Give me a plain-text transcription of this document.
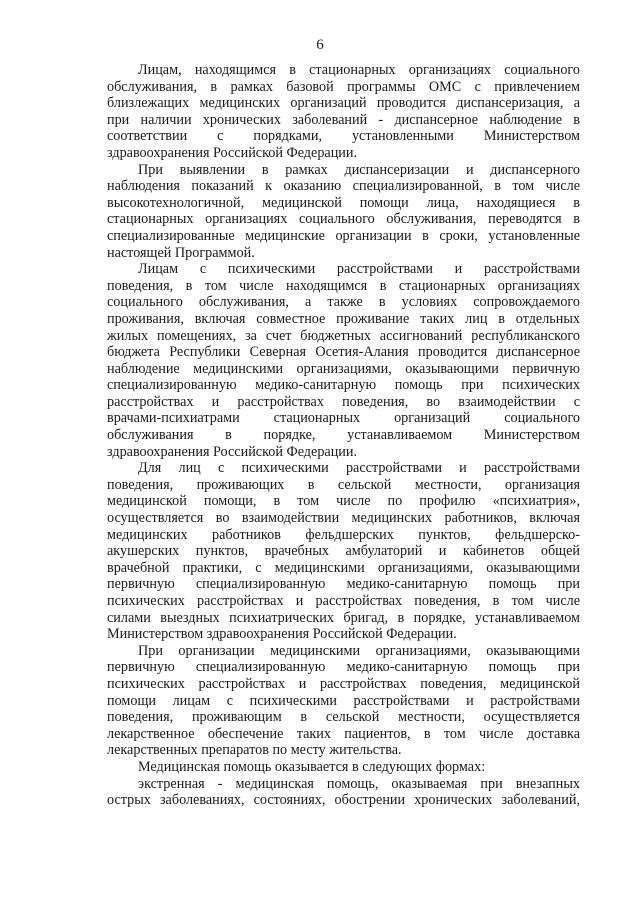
6
Лицам, находящимся в стационарных организациях социального
обслуживания, в рамках базовой программы ОМС с привлечением
близлежащих медицинских организаций проводится диспансеризация, а
при наличии хронических заболеваний - диспансерное наблюдение в
соответствии с порядками, установленными Министерством
здравоохранения Российской Федерации.
При выявлении в рамках диспансеризации и диспансерного
наблюдения показаний к оказанию специализированной, в том числе
высокотехнологичной, медицинской помощи лица, находящиеся в
стационарных организациях социального обслуживания, переводятся в
специализированные медицинские организации в сроки, установленные
настоящей Программой.
Лицам с психическими расстройствами и расстройствами
поведения, в том числе находящимся в стационарных организациях
социального обслуживания, а также в условиях сопровождаемого
проживания, включая совместное проживание таких лиц в отдельных
жилых помещениях, за счет бюджетных ассигнований республиканского
бюджета Республики Северная Осетия-Алания проводится диспансерное
наблюдение медицинскими организациями, оказывающими первичную
специализированную медико-санитарную помощь при психических
расстройствах и расстройствах поведения, во взаимодействии с
врачами-психиатрами стационарных организаций социального
обслуживания в порядке, устанавливаемом Министерством
здравоохранения Российской Федерации.
Для лиц с психическими расстройствами и расстройствами
поведения, проживающих в сельской местности, организация
медицинской помощи, в том числе по профилю «психиатрия»,
осуществляется во взаимодействии медицинских работников, включая
медицинских работников фельдшерских пунктов, фельдшерско-
акушерских пунктов, врачебных амбулаторий и кабинетов общей
врачебной практики, с медицинскими организациями, оказывающими
первичную специализированную медико-санитарную помощь при
психических расстройствах и расстройствах поведения, в том числе
силами выездных психиатрических бригад, в порядке, устанавливаемом
Министерством здравоохранения Российской Федерации.
При организации медицинскими организациями, оказывающими
первичную специализированную медико-санитарную помощь при
психических расстройствах и расстройствах поведения, медицинской
помощи лицам с психическими расстройствами и растройствами
поведения, проживающим в сельской местности, осуществляется
лекарственное обеспечение таких пациентов, в том числе доставка
лекарственных препаратов по месту жительства.
Медицинская помощь оказывается в следующих формах:
экстренная - медицинская помощь, оказываемая при внезапных
острых заболеваниях, состояниях, обострении хронических заболеваний,
